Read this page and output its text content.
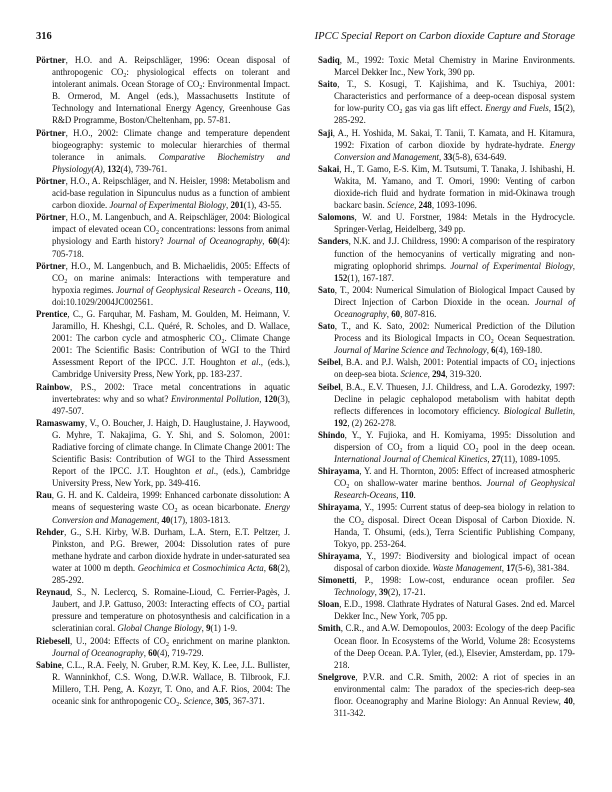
316	IPCC Special Report on Carbon dioxide Capture and Storage

Pörtner, H.O. and A. Reipschläger, 1996: Ocean disposal of anthropogenic $CO_2$: physiological effects on tolerant and intolerant animals. Ocean Storage of $CO_2$: Environmental Impact. B. Ormerod, M. Angel (eds.), Massachusetts Institute of Technology and International Energy Agency, Greenhouse Gas R&D Programme, Boston/Cheltenham, pp. 57-81.

Pörtner, H.O., 2002: Climate change and temperature dependent biogeography: systemic to molecular hierarchies of thermal tolerance in animals. Comparative Biochemistry and Physiology(A), 132(4), 739-761.

Pörtner, H.O., A. Reipschläger, and N. Heisler, 1998: Metabolism and acid-base regulation in Sipunculus nudus as a function of ambient carbon dioxide. Journal of Experimental Biology, 201(1), 43-55.

Pörtner, H.O., M. Langenbuch, and A. Reipschläger, 2004: Biological impact of elevated ocean $CO_2$ concentrations: lessons from animal physiology and Earth history? Journal of Oceanography, 60(4): 705-718.

Pörtner, H.O., M. Langenbuch, and B. Michaelidis, 2005: Effects of $CO_2$ on marine animals: Interactions with temperature and hypoxia regimes. Journal of Geophysical Research - Oceans, 110, doi:10.1029/2004JC002561.

Prentice, C., G. Farquhar, M. Fasham, M. Goulden, M. Heimann, V. Jaramillo, H. Kheshgi, C.L. Quéré, R. Scholes, and D. Wallace, 2001: The carbon cycle and atmospheric $CO_2$. Climate Change 2001: The Scientific Basis: Contribution of WGI to the Third Assessment Report of the IPCC. J.T. Houghton et al., (eds.), Cambridge University Press, New York, pp. 183-237.

Rainbow, P.S., 2002: Trace metal concentrations in aquatic invertebrates: why and so what? Environmental Pollution, 120(3), 497-507.

Ramaswamy, V., O. Boucher, J. Haigh, D. Hauglustaine, J. Haywood, G. Myhre, T. Nakajima, G. Y. Shi, and S. Solomon, 2001: Radiative forcing of climate change. In Climate Change 2001: The Scientific Basis: Contribution of WGI to the Third Assessment Report of the IPCC. J.T. Houghton et al., (eds.), Cambridge University Press, New York, pp. 349-416.

Rau, G. H. and K. Caldeira, 1999: Enhanced carbonate dissolution: A means of sequestering waste $CO_2$ as ocean bicarbonate. Energy Conversion and Management, 40(17), 1803-1813.

Rehder, G., S.H. Kirby, W.B. Durham, L.A. Stern, E.T. Peltzer, J. Pinkston, and P.G. Brewer, 2004: Dissolution rates of pure methane hydrate and carbon dioxide hydrate in under-saturated sea water at 1000 m depth. Geochimica et Cosmochimica Acta, 68(2), 285-292.

Reynaud, S., N. Leclercq, S. Romaine-Lioud, C. Ferrier-Pagès, J. Jaubert, and J.P. Gattuso, 2003: Interacting effects of $CO_2$ partial pressure and temperature on photosynthesis and calcification in a scleratinian coral. Global Change Biology, 9(1) 1-9.

Riebesell, U., 2004: Effects of $CO_2$ enrichment on marine plankton. Journal of Oceanography, 60(4), 719-729.

Sabine, C.L., R.A. Feely, N. Gruber, R.M. Key, K. Lee, J.L. Bullister, R. Wanninkhof, C.S. Wong, D.W.R. Wallace, B. Tilbrook, F.J. Millero, T.H. Peng, A. Kozyr, T. Ono, and A.F. Rios, 2004: The oceanic sink for anthropogenic $CO_2$. Science, 305, 367-371.

Sadiq, M., 1992: Toxic Metal Chemistry in Marine Environments. Marcel Dekker Inc., New York, 390 pp.

Saito, T., S. Kosugi, T. Kajishima, and K. Tsuchiya, 2001: Characteristics and performance of a deep-ocean disposal system for low-purity $CO_2$ gas via gas lift effect. Energy and Fuels, 15(2), 285-292.

Saji, A., H. Yoshida, M. Sakai, T. Tanii, T. Kamata, and H. Kitamura, 1992: Fixation of carbon dioxide by hydrate-hydrate. Energy Conversion and Management, 33(5-8), 634-649.

Sakai, H., T. Gamo, E-S. Kim, M. Tsutsumi, T. Tanaka, J. Ishibashi, H. Wakita, M. Yamano, and T. Omori, 1990: Venting of carbon dioxide-rich fluid and hydrate formation in mid-Okinawa trough backarc basin. Science, 248, 1093-1096.

Salomons, W. and U. Forstner, 1984: Metals in the Hydrocycle. Springer-Verlag, Heidelberg, 349 pp.

Sanders, N.K. and J.J. Childress, 1990: A comparison of the respiratory function of the hemocyanins of vertically migrating and non-migrating oplophorid shrimps. Journal of Experimental Biology, 152(1), 167-187.

Sato, T., 2004: Numerical Simulation of Biological Impact Caused by Direct Injection of Carbon Dioxide in the ocean. Journal of Oceanography, 60, 807-816.

Sato, T., and K. Sato, 2002: Numerical Prediction of the Dilution Process and its Biological Impacts in $CO_2$ Ocean Sequestration. Journal of Marine Science and Technology, 6(4), 169-180.

Seibel, B.A. and P.J. Walsh, 2001: Potential impacts of $CO_2$ injections on deep-sea biota. Science, 294, 319-320.

Seibel, B.A., E.V. Thuesen, J.J. Childress, and L.A. Gorodezky, 1997: Decline in pelagic cephalopod metabolism with habitat depth reflects differences in locomotory efficiency. Biological Bulletin, 192, (2) 262-278.

Shindo, Y., Y. Fujioka, and H. Komiyama, 1995: Dissolution and dispersion of $CO_2$ from a liquid $CO_2$ pool in the deep ocean. International Journal of Chemical Kinetics, 27(11), 1089-1095.

Shirayama, Y. and H. Thornton, 2005: Effect of increased atmospheric $CO_2$ on shallow-water marine benthos. Journal of Geophysical Research-Oceans, 110.

Shirayama, Y., 1995: Current status of deep-sea biology in relation to the $CO_2$ disposal. Direct Ocean Disposal of Carbon Dioxide. N. Handa, T. Ohsumi, (eds.), Terra Scientific Publishing Company, Tokyo, pp. 253-264.

Shirayama, Y., 1997: Biodiversity and biological impact of ocean disposal of carbon dioxide. Waste Management, 17(5-6), 381-384.

Simonetti, P., 1998: Low-cost, endurance ocean profiler. Sea Technology, 39(2), 17-21.

Sloan, E.D., 1998. Clathrate Hydrates of Natural Gases. 2nd ed. Marcel Dekker Inc., New York, 705 pp.

Smith, C.R., and A.W. Demopoulos, 2003: Ecology of the deep Pacific Ocean floor. In Ecosystems of the World, Volume 28: Ecosystems of the Deep Ocean. P.A. Tyler, (ed.), Elsevier, Amsterdam, pp. 179-218.

Snelgrove, P.V.R. and C.R. Smith, 2002: A riot of species in an environmental calm: The paradox of the species-rich deep-sea floor. Oceanography and Marine Biology: An Annual Review, 40, 311-342.
